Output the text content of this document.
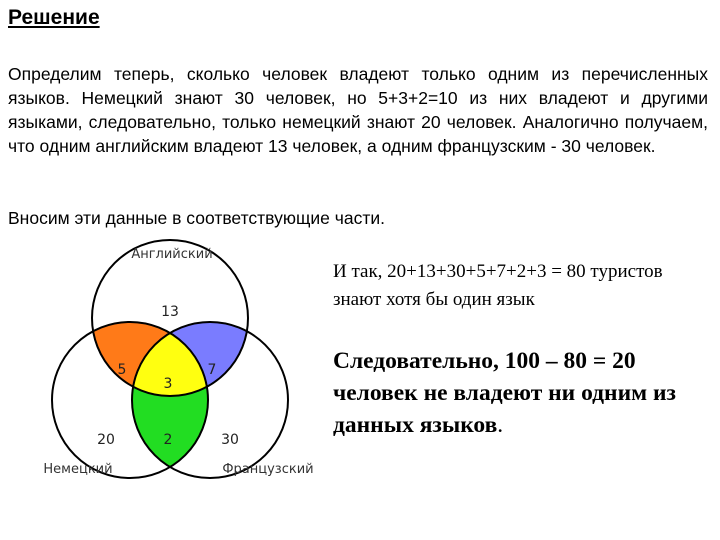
Решение

Определим теперь, сколько человек владеют только одним из перечисленных языков. Немецкий знают 30 человек, но 5+3+2=10 из них владеют и другими языками, следовательно, только немецкий знают 20 человек. Аналогично получаем, что одним английским владеют 13 человек, а одним французским - 30 человек.

Вносим эти данные в соответствующие части.

Английский
Немецкий	Французский
13
5	7
3
2
20	30
И так, 20+13+30+5+7+2+3 = 80 туристов знают хотя бы один язык
Следовательно, 100 – 80 = 20 человек не владеют ни одним из данных языков.
